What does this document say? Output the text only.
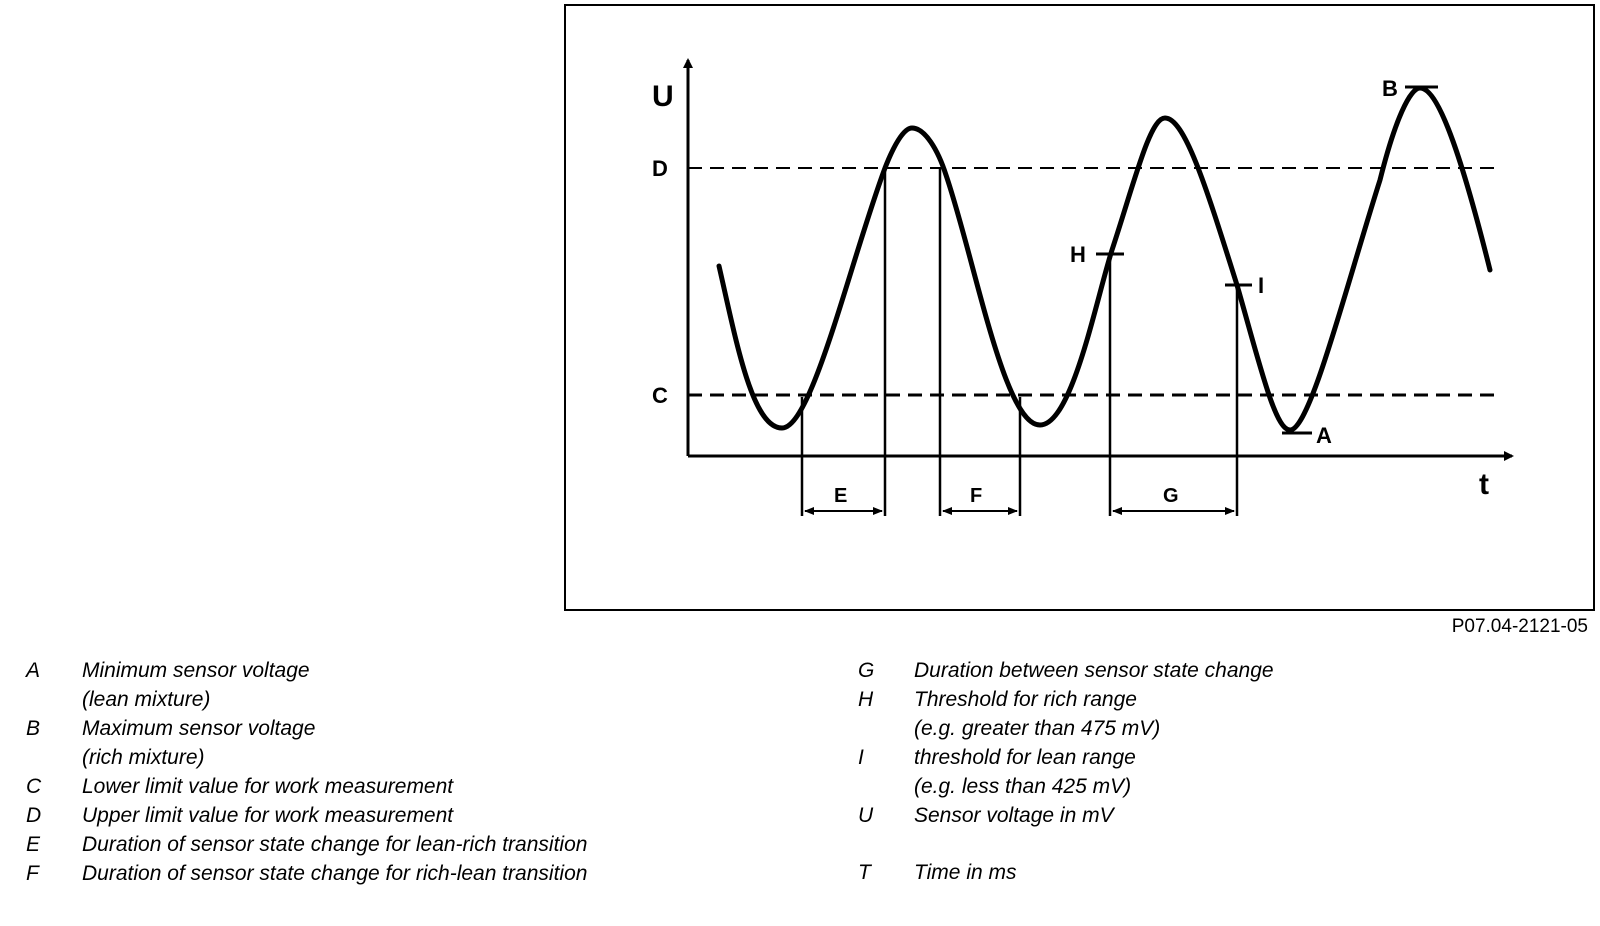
U
t
D
C
A
B
H
I
E	F	G
P07.04-2121-05
A	Minimum sensor voltage
(lean mixture)
B	Maximum sensor voltage
(rich mixture)
C	Lower limit value for work measurement
D	Upper limit value for work measurement
E	Duration of sensor state change for lean-rich transition
F	Duration of sensor state change for rich-lean transition
G	Duration between sensor state change
H	Threshold for rich range
(e.g. greater than 475 mV)
I	threshold for lean range
(e.g. less than 425 mV)
U	Sensor voltage in mV
T	Time in ms
